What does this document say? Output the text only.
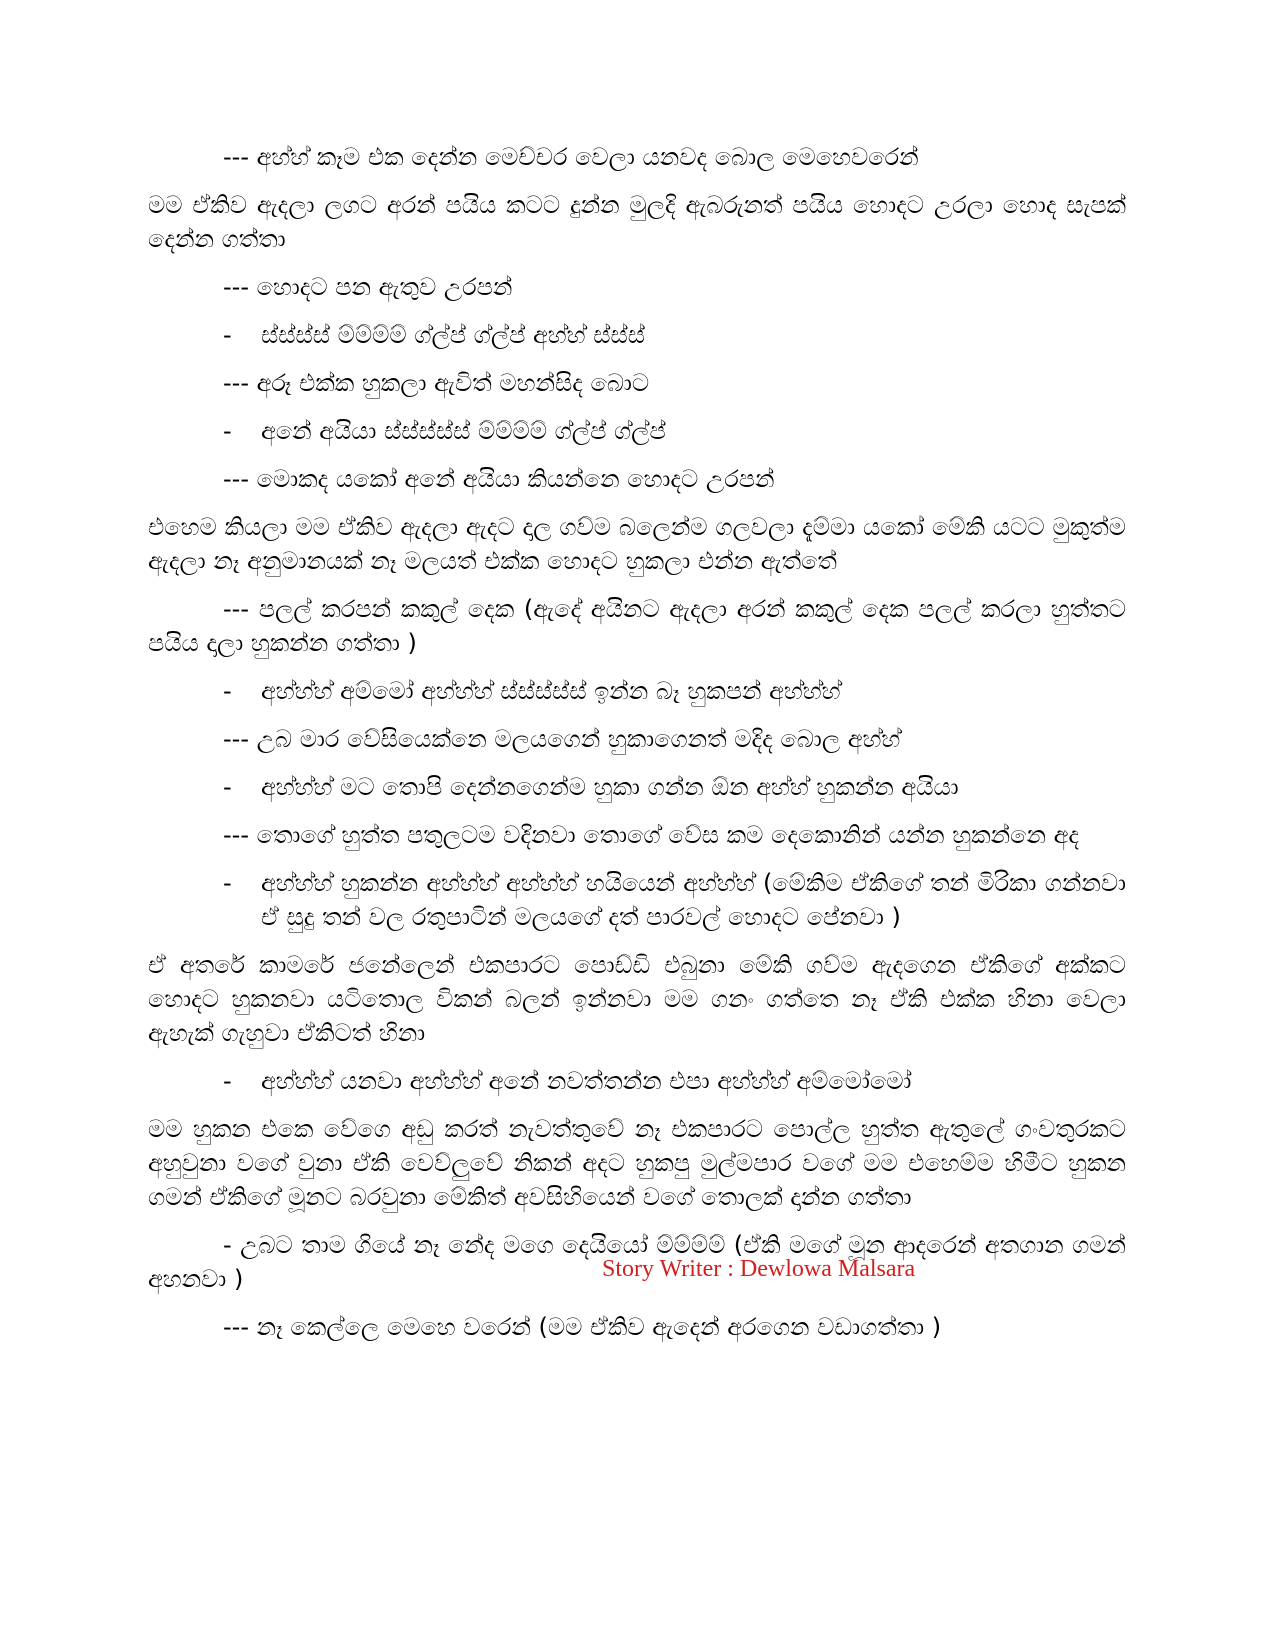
--- අහ්හ් කෑම එක දෙන්න මෙච්චර වෙලා යනවද බොල මෙහෙවරෙන්

මම ඒකිව ඇදලා ලගට අරන් පයිය කටට දුන්න මුලදි ඇබරුනත් පයිය හොදට උරලා හොද සැපක් දෙන්න ගත්තා

--- හොදට පන ඇතුව උරපන්

- ස්ස්ස්ස් ම්ම්ම්ම් ග්ල්ප් ග්ල්ප් අහ්හ් ස්ස්ස්

--- අරූ එක්ක හුකලා ඇවිත් මහන්සිද බොට

- අනේ අයියා ස්ස්ස්ස්ස් ම්ම්ම්ම් ග්ල්ප් ග්ල්ප්

--- මොකද යකෝ අනේ අයියා කියන්නෙ හොදට උරපන්

එහෙම කියලා මම ඒකිව ඇදලා ඇදට දාල ගව්ම බලෙන්ම ගලවලා දැම්මා යකෝ මේකි යටට මුකුත්ම ඇදලා නෑ අනුමානයක් නෑ මලයත් එක්ක හොදට හුකලා එන්න ඇත්තේ

--- පලල් කරපන් කකුල් දෙක (ඇදේ අයිනට ඇදලා අරන් කකුල් දෙක පලල් කරලා හුත්තට පයිය දාලා හුකන්න ගත්තා )

- අහ්හ්හ් අම්මෝ අහ්හ්හ් ස්ස්ස්ස්ස් ඉන්න බෑ හුකපන් අහ්හ්හ්

--- උබ මාර වේසියෙක්නෙ මලයගෙන් හුකාගෙනත් මදිද බොල අහ්හ්

- අහ්හ්හ් මට තොපි දෙන්නගෙන්ම හුකා ගන්න ඕන අහ්හ් හුකන්න අයියා

--- තොගේ හුත්ත පතුලටම වදිනවා තොගේ වේස කම දෙකොනින් යන්න හුකන්නෙ අද

- අහ්හ්හ් හුකන්න අහ්හ්හ් අහ්හ්හ් හයියෙන් අහ්හ්හ් (මේකිම ඒකිගේ තන් මිරිකා ගන්නවා ඒ සුදු තන් වල රතුපාටින් මලයගේ දත් පාරවල් හොදට පේනවා )

ඒ අතරේ කාමරේ ජනේලෙන් එකපාරට පොඩ්ඩි එබුනා මේකි ගව්ම ඇදගෙන ඒකිගේ අක්කට හොදට හුකනවා යටිතොල විකන් බලන් ඉන්නවා මම ගනං ගත්තෙ නෑ ඒකි එක්ක හිනා වෙලා ඇහැක් ගැහුවා ඒකිටත් හිනා

- අහ්හ්හ් යනවා අහ්හ්හ් අනේ නවත්තන්න එපා අහ්හ්හ් අම්මෝමෝ

මම හුකන එකෙ වේගෙ අඩු කරත් නැවත්තුවේ නෑ එකපාරට පොල්ල හුත්ත ඇතුලේ ගංවතුරකට අහුවුනා වගේ වුනා ඒකි වෙව්ලුවේ නිකන් අදට හුකපු මුල්මපාර වගේ මම එහෙම්ම හිමීට හුකන ගමන් ඒකිගේ මූනට බරවුනා මේකිත් අවසිහියෙන් වගේ තොලක් දාන්න ගත්තා

- උබට තාම ගියේ නෑ නේද මගෙ දෙයියෝ ම්ම්ම්ම් (ඒකි මගේ මූන ආදරෙන් අතගාන ගමන් අහනවා )

--- නෑ කෙල්ලෙ මෙහෙ වරෙන් (මම ඒකිව ඇදෙන් අරගෙන වඩාගත්තා )

Story Writer : Dewlowa Malsara
